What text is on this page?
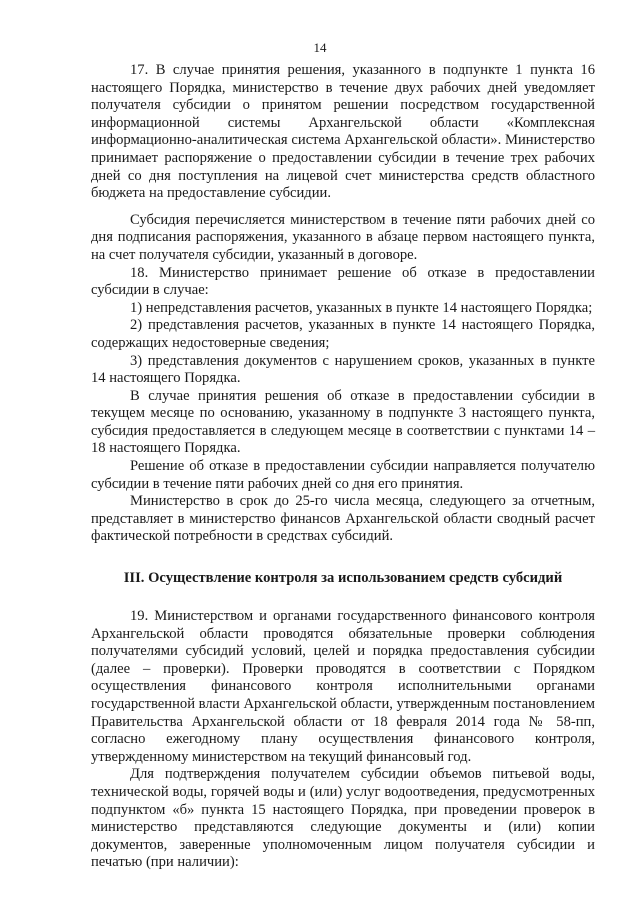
14

17. В случае принятия решения, указанного в подпункте 1 пункта 16 настоящего Порядка, министерство в течение двух рабочих дней уведомляет получателя субсидии о принятом решении посредством государственной информационной системы Архангельской области «Комплексная информационно-аналитическая система Архангельской области». Министерство принимает распоряжение о предоставлении субсидии в течение трех рабочих дней со дня поступления на лицевой счет министерства средств областного бюджета на предоставление субсидии.

Субсидия перечисляется министерством в течение пяти рабочих дней со дня подписания распоряжения, указанного в абзаце первом настоящего пункта, на счет получателя субсидии, указанный в договоре.

18. Министерство принимает решение об отказе в предоставлении субсидии в случае:

1) непредставления расчетов, указанных в пункте 14 настоящего Порядка;

2) представления расчетов, указанных в пункте 14 настоящего Порядка, содержащих недостоверные сведения;

3) представления документов с нарушением сроков, указанных в пункте 14 настоящего Порядка.

В случае принятия решения об отказе в предоставлении субсидии в текущем месяце по основанию, указанному в подпункте 3 настоящего пункта, субсидия предоставляется в следующем месяце в соответствии с пунктами 14 – 18 настоящего Порядка.

Решение об отказе в предоставлении субсидии направляется получателю субсидии в течение пяти рабочих дней со дня его принятия.

Министерство в срок до 25-го числа месяца, следующего за отчетным, представляет в министерство финансов Архангельской области сводный расчет фактической потребности в средствах субсидий.

III. Осуществление контроля за использованием средств субсидий

19. Министерством и органами государственного финансового контроля Архангельской области проводятся обязательные проверки соблюдения получателями субсидий условий, целей и порядка предоставления субсидии (далее – проверки). Проверки проводятся в соответствии с Порядком осуществления финансового контроля исполнительными органами государственной власти Архангельской области, утвержденным постановлением Правительства Архангельской области от 18 февраля 2014 года № 58-пп, согласно ежегодному плану осуществления финансового контроля, утвержденному министерством на текущий финансовый год.

Для подтверждения получателем субсидии объемов питьевой воды, технической воды, горячей воды и (или) услуг водоотведения, предусмотренных подпунктом «б» пункта 15 настоящего Порядка, при проведении проверок в министерство представляются следующие документы и (или) копии документов, заверенные уполномоченным лицом получателя субсидии и печатью (при наличии):
